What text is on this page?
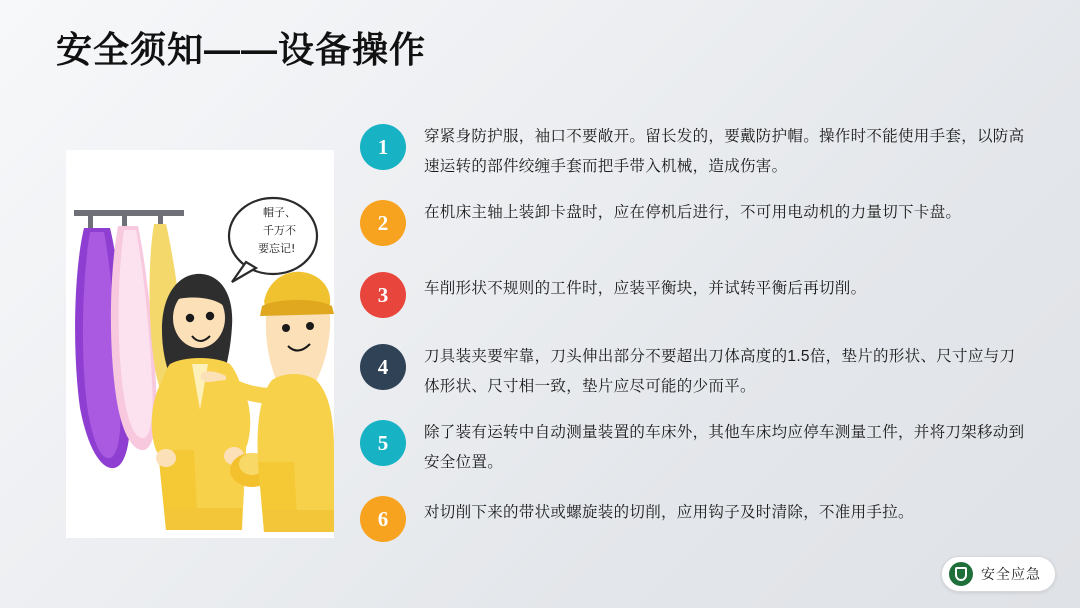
安全须知——设备操作
帽子、
千万不
要忘记!
1	穿紧身防护服，袖口不要敞开。留长发的，要戴防护帽。操作时不能使用手套，以防高速运转的部件绞缠手套而把手带入机械，造成伤害。
2	在机床主轴上装卸卡盘时，应在停机后进行，不可用电动机的力量切下卡盘。
3	车削形状不规则的工件时，应装平衡块，并试转平衡后再切削。
4	刀具装夹要牢靠，刀头伸出部分不要超出刀体高度的1.5倍，垫片的形状、尺寸应与刀体形状、尺寸相一致，垫片应尽可能的少而平。
5	除了装有运转中自动测量装置的车床外，其他车床均应停车测量工件，并将刀架移动到安全位置。
6	对切削下来的带状或螺旋装的切削，应用钩子及时清除，不准用手拉。
安全应急
